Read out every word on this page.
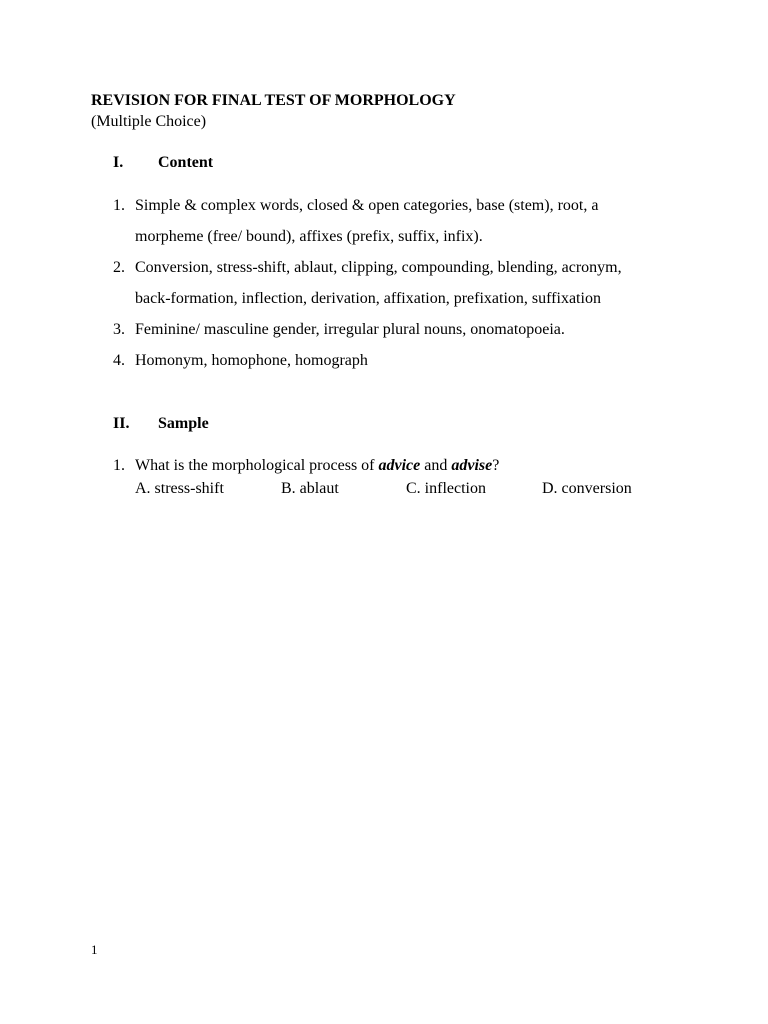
REVISION FOR FINAL TEST OF MORPHOLOGY
(Multiple Choice)
I. Content
1. Simple & complex words, closed & open categories, base (stem), root, a
morpheme (free/ bound), affixes (prefix, suffix, infix).
2. Conversion, stress-shift, ablaut, clipping, compounding, blending, acronym,
back-formation, inflection, derivation, affixation, prefixation, suffixation
3. Feminine/ masculine gender, irregular plural nouns, onomatopoeia.
4. Homonym, homophone, homograph
II. Sample
1. What is the morphological process of advice and advise?
A. stress-shift	B. ablaut	C. inflection	D. conversion
1
